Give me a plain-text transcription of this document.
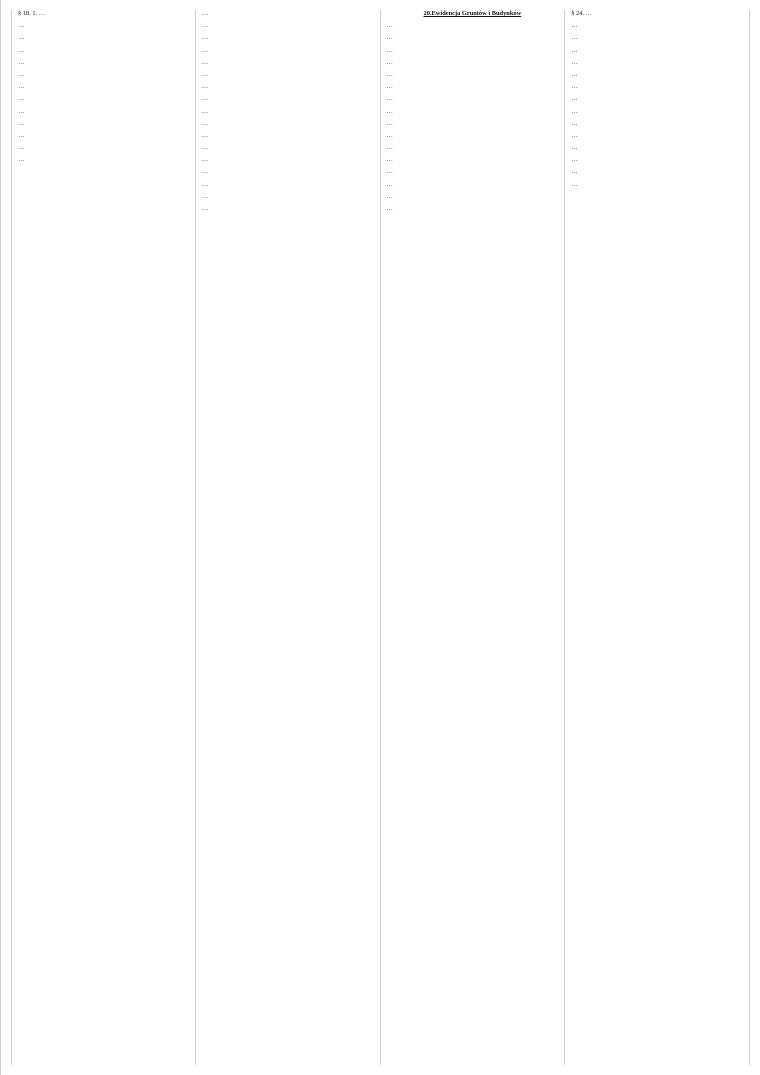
§ 18. 1. …
…
…
…
…
…
…
…
…
…
…
…
…
…
…
…
…
…
…
…
…
…
…
…
…
…
…
…
…
…
20.Ewidencja Gruntów i Budynków
…
…
…
…
…
…
…
…
…
…
…
…
…
…
…
…
§ 24. …
…
…
…
…
…
…
…
…
…
…
…
…
…
…
